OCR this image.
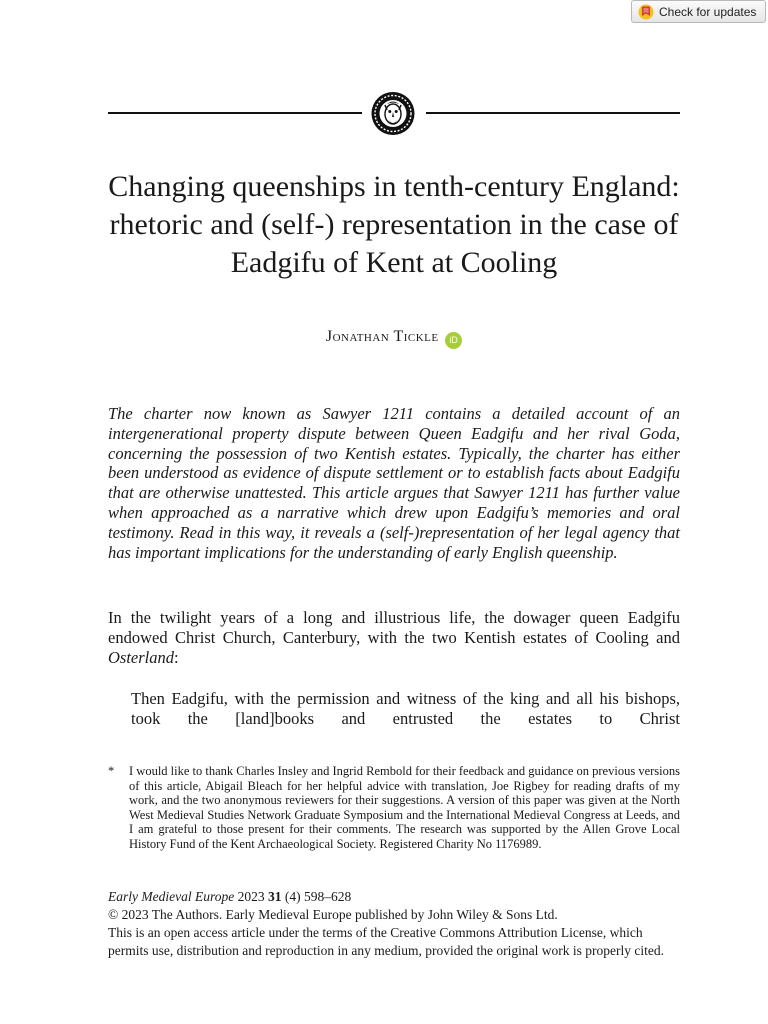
Check for updates
Changing queenships in tenth-century England: rhetoric and (self-) representation in the case of Eadgifu of Kent at Cooling
Jonathan Tickle iD

The charter now known as Sawyer 1211 contains a detailed account of an intergenerational property dispute between Queen Eadgifu and her rival Goda, concerning the possession of two Kentish estates. Typically, the charter has either been understood as evidence of dispute settlement or to establish facts about Eadgifu that are otherwise unattested. This article argues that Sawyer 1211 has further value when approached as a narrative which drew upon Eadgifu’s memories and oral testimony. Read in this way, it reveals a (self-)representation of her legal agency that has important implications for the understanding of early English queenship.

In the twilight years of a long and illustrious life, the dowager queen Eadgifu endowed Christ Church, Canterbury, with the two Kentish estates of Cooling and Osterland:

Then Eadgifu, with the permission and witness of the king and all his bishops, took the [land]books and entrusted the estates to Christ

* I would like to thank Charles Insley and Ingrid Rembold for their feedback and guidance on previous versions of this article, Abigail Bleach for her helpful advice with translation, Joe Rigbey for reading drafts of my work, and the two anonymous reviewers for their suggestions. A version of this paper was given at the North West Medieval Studies Network Graduate Symposium and the International Medieval Congress at Leeds, and I am grateful to those present for their comments. The research was supported by the Allen Grove Local History Fund of the Kent Archaeological Society. Registered Charity No 1176989.

Early Medieval Europe 2023 31 (4) 598–628

© 2023 The Authors. Early Medieval Europe published by John Wiley & Sons Ltd.

This is an open access article under the terms of the Creative Commons Attribution License, which permits use, distribution and reproduction in any medium, provided the original work is properly cited.
